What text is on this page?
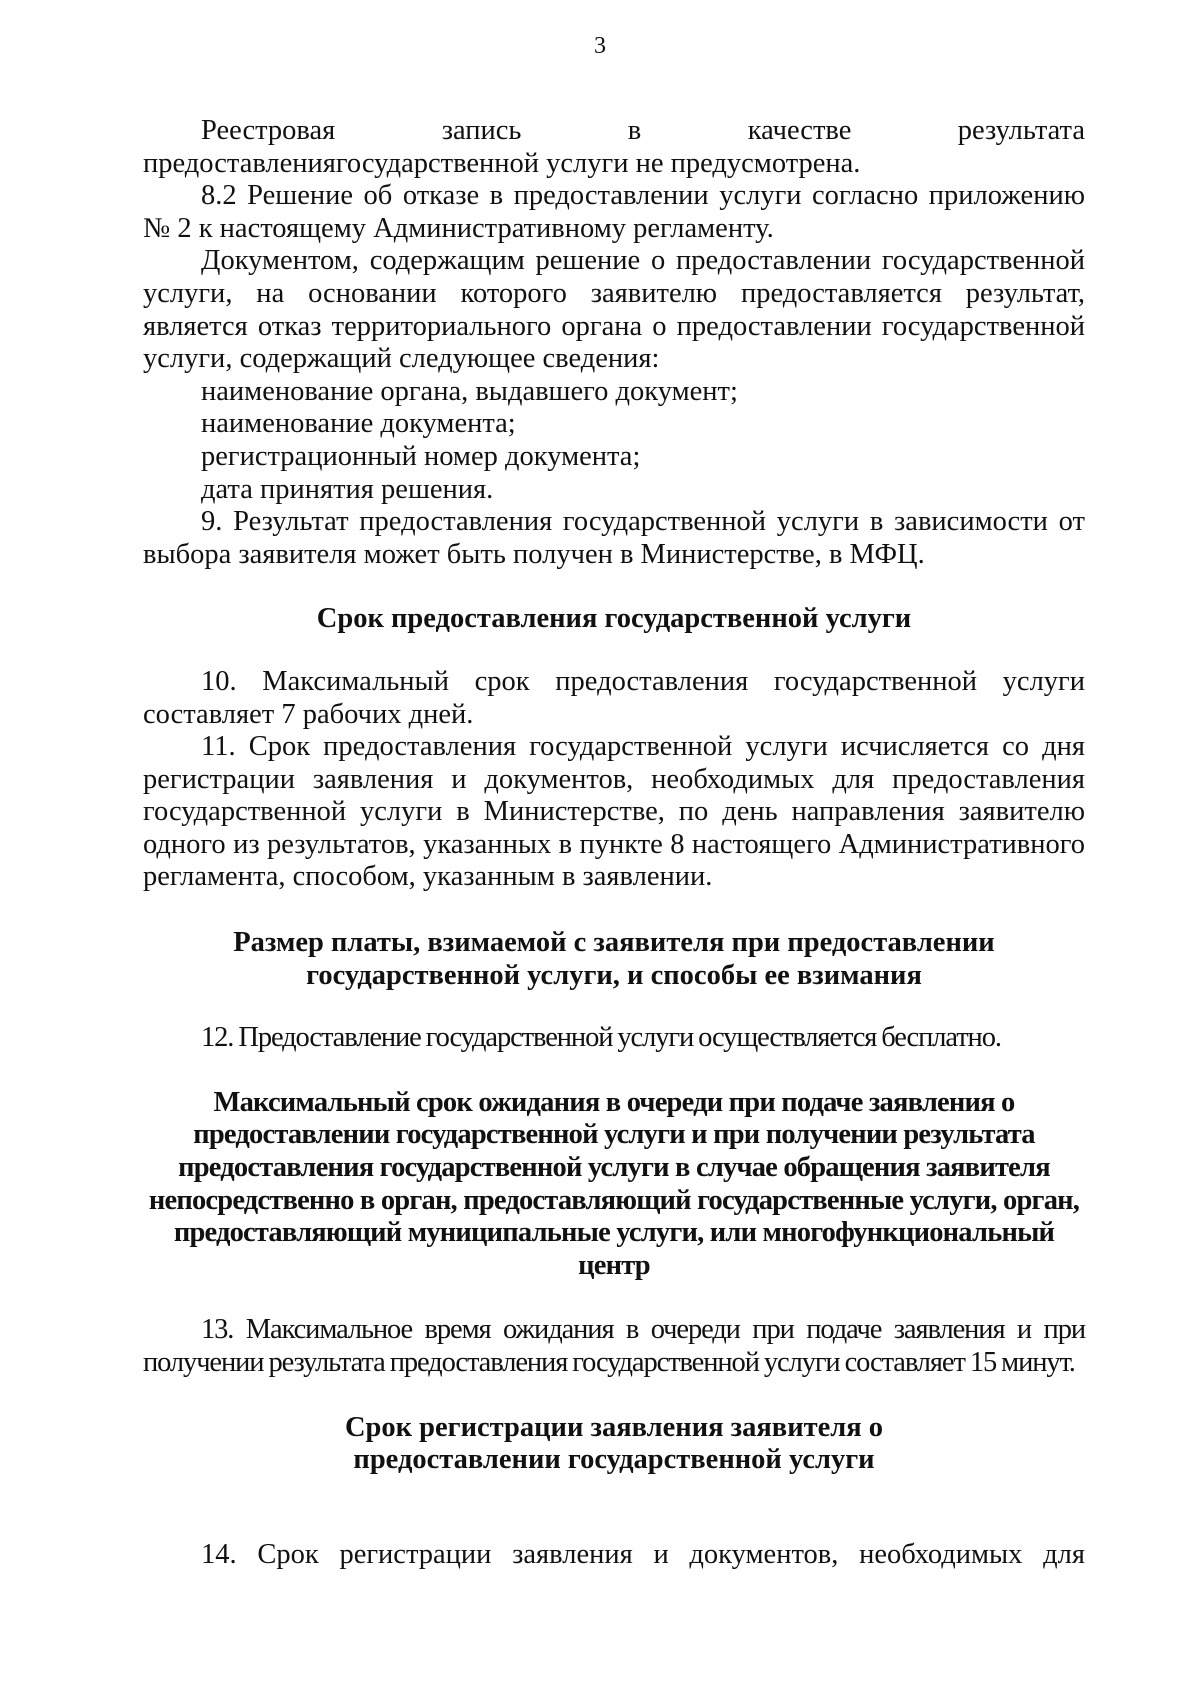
3

Реестровая запись в качестве результата предоставлениягосударственной услуги не предусмотрена.

8.2 Решение об отказе в предоставлении услуги согласно приложению № 2 к настоящему Административному регламенту.

Документом, содержащим решение о предоставлении государственной услуги, на основании которого заявителю предоставляется результат, является отказ территориального органа о предоставлении государственной услуги, содержащий следующее сведения:

наименование органа, выдавшего документ;

наименование документа;

регистрационный номер документа;

дата принятия решения.

9. Результат предоставления государственной услуги в зависимости от выбора заявителя может быть получен в Министерстве, в МФЦ.

Срок предоставления государственной услуги

10. Максимальный срок предоставления государственной услуги составляет 7 рабочих дней.

11. Срок предоставления государственной услуги исчисляется со дня регистрации заявления и документов, необходимых для предоставления государственной услуги в Министерстве, по день направления заявителю одного из результатов, указанных в пункте 8 настоящего Административного регламента, способом, указанным в заявлении.

Размер платы, взимаемой с заявителя при предоставлении государственной услуги, и способы ее взимания

12. Предоставление государственной услуги осуществляется бесплатно.

Максимальный срок ожидания в очереди при подаче заявления о предоставлении государственной услуги и при получении результата предоставления государственной услуги в случае обращения заявителя непосредственно в орган, предоставляющий государственные услуги, орган, предоставляющий муниципальные услуги, или многофункциональный центр

13. Максимальное время ожидания в очереди при подаче заявления и при получении результата предоставления государственной услуги составляет 15 минут.

Срок регистрации заявления заявителя о предоставлении государственной услуги

14. Срок регистрации заявления и документов, необходимых для
